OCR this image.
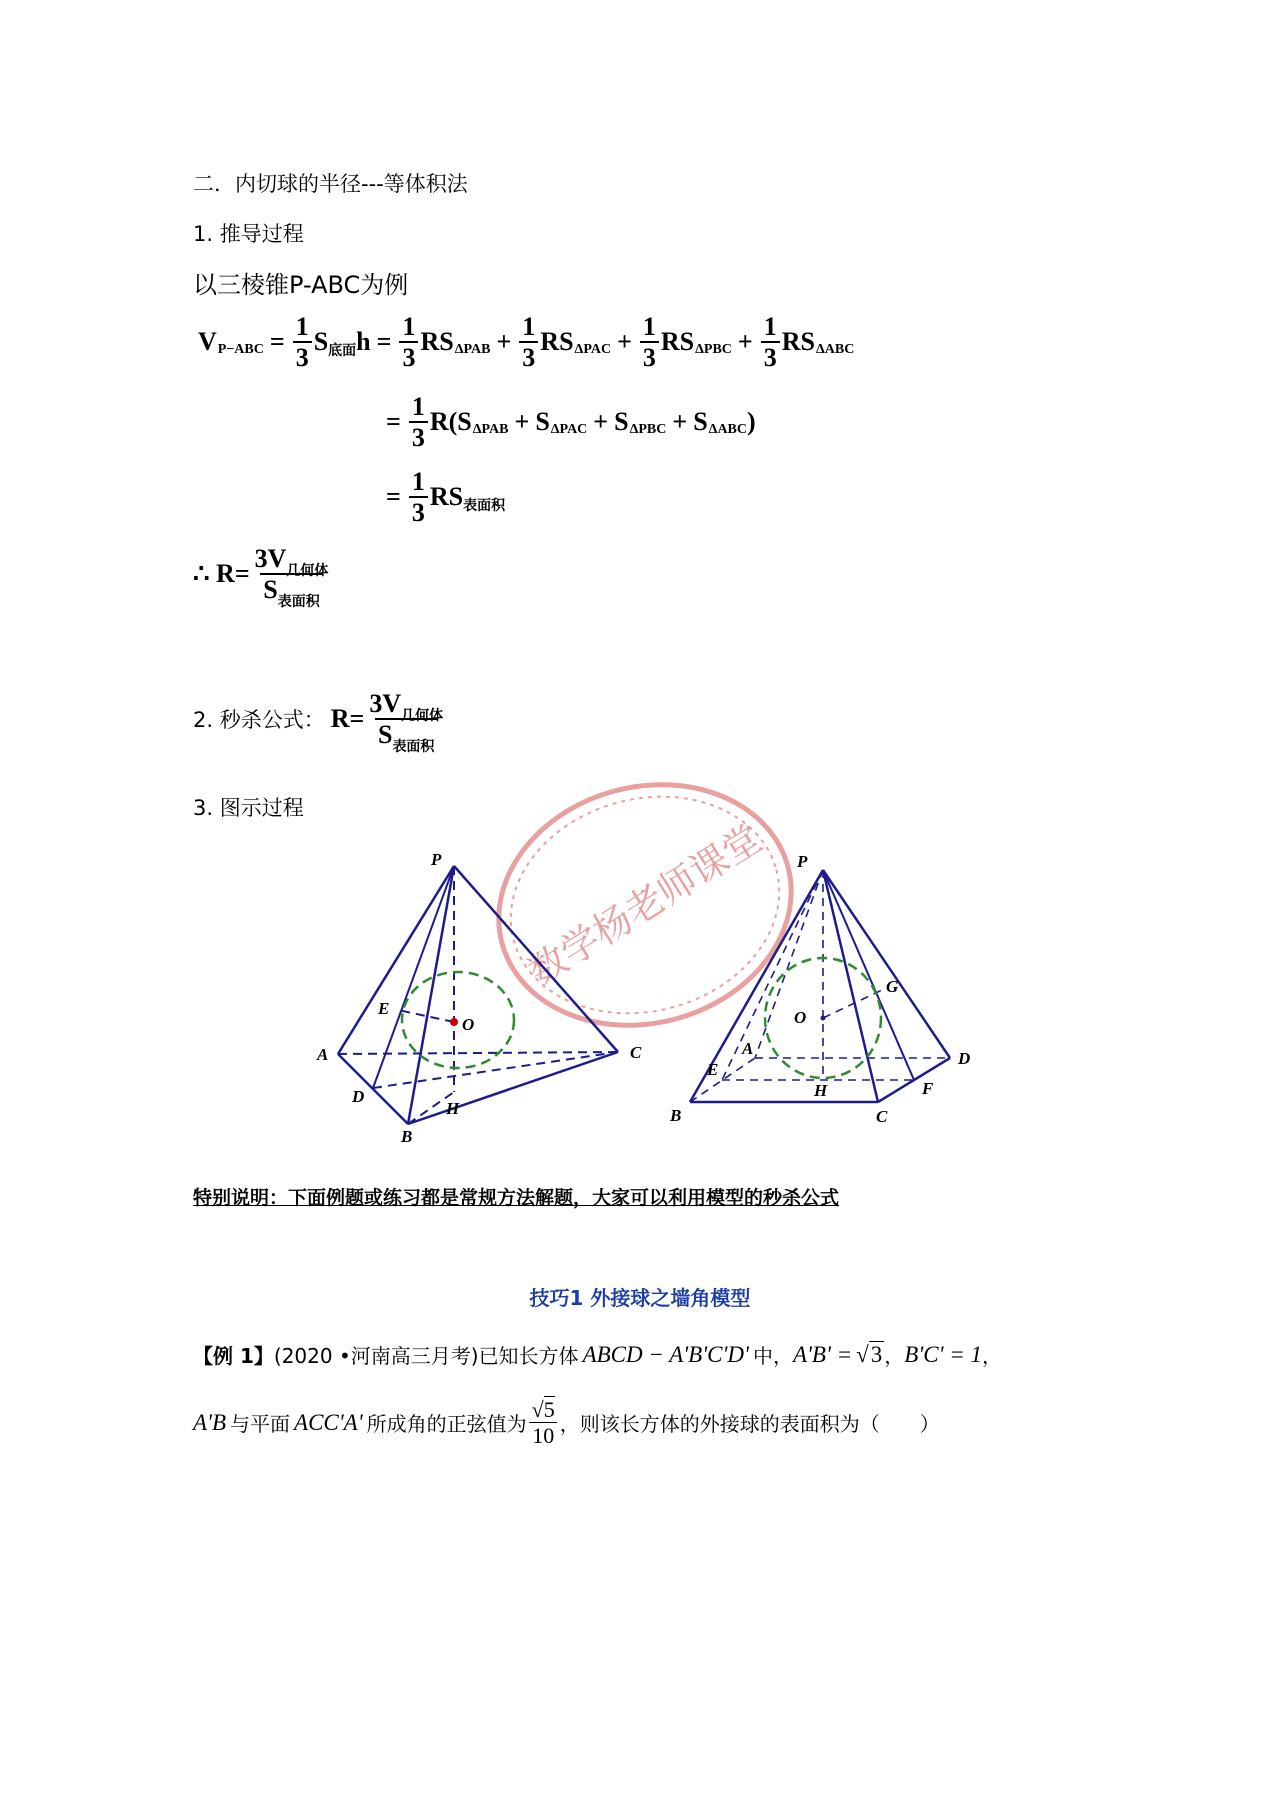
二．内切球的半径---等体积法
1. 推导过程
以三棱锥P-ABC为例
V $P-ABC = \frac{1}{3}$ S 底面 $h = \frac{1}{3}$ RS $\Delta PAB + \frac{1}{3}$ RS $\Delta PAC + \frac{1}{3}$ RS $\Delta PBC + \frac{1}{3}$ RS ΔABC
= $\frac{1}{3} R$( S ΔPAB + S ΔPAC + S ΔPBC + S ΔABC )
= $\frac{1}{3}$ RS 表面积
∴ $R= \frac{3V_{几何体}}{S_{表面积}}$
2. 秒杀公式： $R= \frac{3V_{几何体}}{S_{表面积}}$
3. 图示过程
数学杨老师课堂
P
E
O
A	C
D
H
B
P
G
O
A
E
D
H	F
B	C
特别说明：下面例题或练习都是常规方法解题，大家可以利用模型的秒杀公式
技巧1 外接球之墙角模型
【例 1】 (2020 •河南高三月考) 已知长方体 ABCD − A'B'C'D' 中， A'B' = √ 3 ， B'C' = 1 ，
A'B 与平面 ACC'A' 所成角的正弦值为 $\frac{√5}{10}$ ，则该长方体的外接球的表面积为（　　）
